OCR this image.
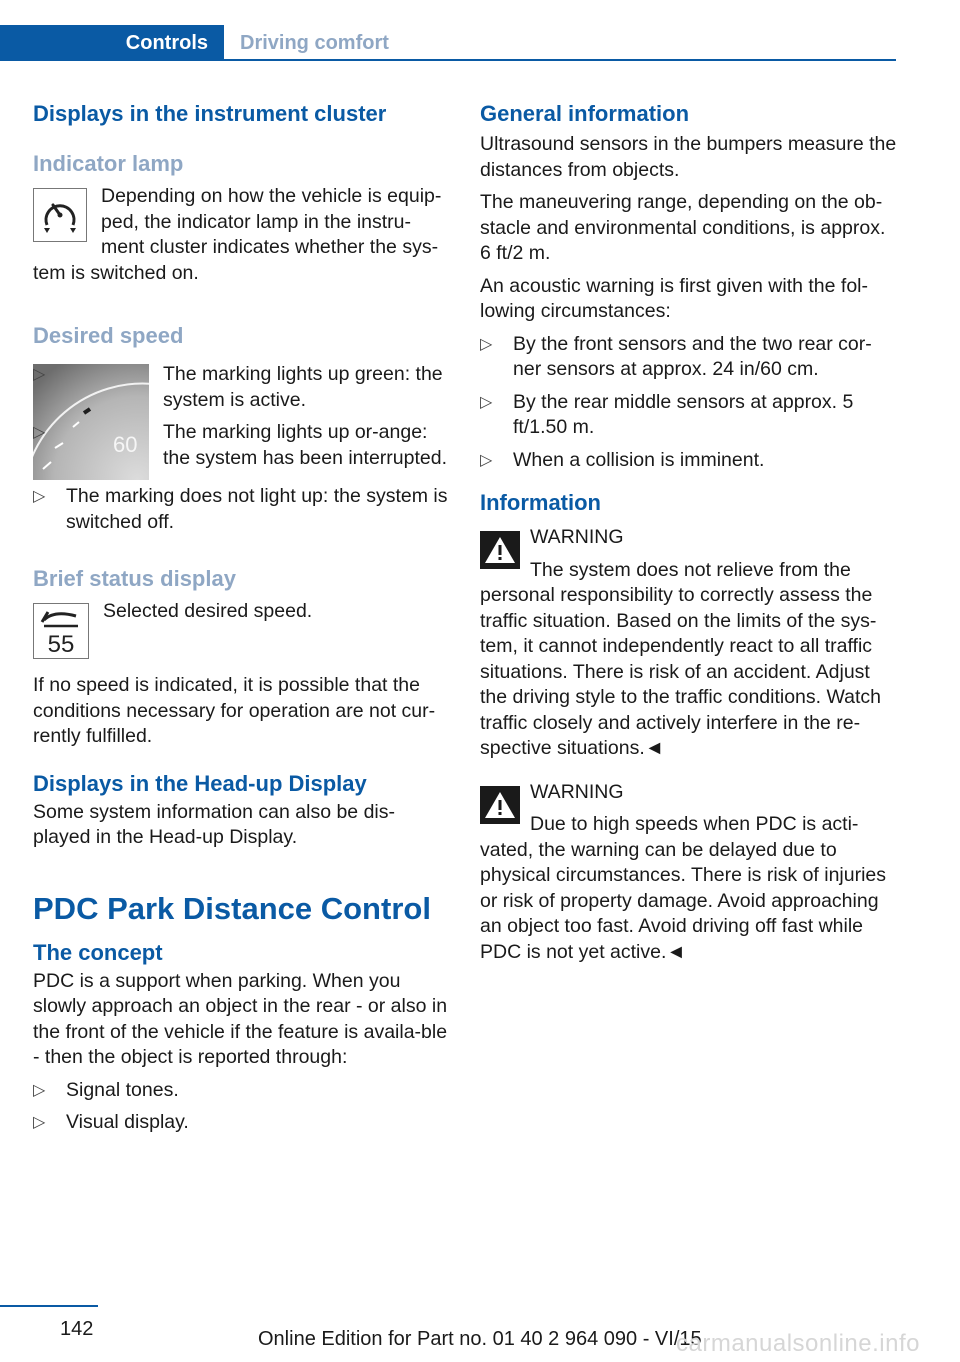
Controls	Driving comfort
Displays in the instrument cluster
Indicator lamp

Depending on how the vehicle is equip‐ped, the indicator lamp in the instru‐ment cluster indicates whether the sys‐tem is switched on.

Desired speed
60
▷	The marking lights up green: the system is active.
▷	The marking lights up or‐ange: the system has been interrupted.
▷ The marking does not light up: the system is switched off.
Brief status display
55

Selected desired speed.

If no speed is indicated, it is possible that the conditions necessary for operation are not cur‐rently fulfilled.

Displays in the Head-up Display

Some system information can also be dis‐played in the Head-up Display.

PDC Park Distance Control
The concept

PDC is a support when parking. When you slowly approach an object in the rear - or also in the front of the vehicle if the feature is availa‐ble - then the object is reported through:

▷ Signal tones.
▷ Visual display.
General information

Ultrasound sensors in the bumpers measure the distances from objects.

The maneuvering range, depending on the ob‐stacle and environmental conditions, is approx. 6 ft/2 m.

An acoustic warning is first given with the fol‐lowing circumstances:

▷ By the front sensors and the two rear cor‐ner sensors at approx. 24 in/60 cm.
▷ By the rear middle sensors at approx. 5 ft/1.50 m.
▷ When a collision is imminent.
Information

WARNING

The system does not relieve from the personal responsibility to correctly assess the traffic situation. Based on the limits of the sys‐tem, it cannot independently react to all traffic situations. There is risk of an accident. Adjust the driving style to the traffic conditions. Watch traffic closely and actively interfere in the re‐spective situations.◄

WARNING

Due to high speeds when PDC is acti‐vated, the warning can be delayed due to physical circumstances. There is risk of injuries or risk of property damage. Avoid approaching an object too fast. Avoid driving off fast while PDC is not yet active.◄

142	Online Edition for Part no. 01 40 2 964 090 - VI/15
carmanualsonline.info
